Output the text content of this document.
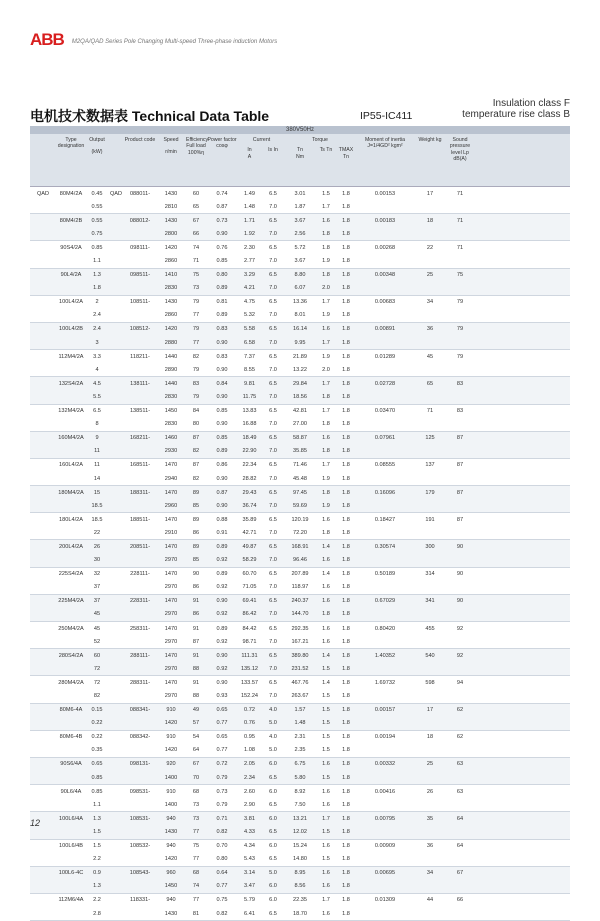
ABB M2QA/QAD Series Pole Changing Multi-speed Three-phase induction Motors
Insulation class F
temperature rise class B
电机技术数据表 Technical Data Table	IP55-IC411
380V50Hz
Type designation
Output
(kW)
Product code	Speed
r/min
Efficiency Full load 100%η
Power factor cosφ
Current
In
A
Is In
Torque
Tn
Nm
Ts Tn	TMAX Tn
Moment of inertia J=1/4GD² kgm²
Weight kg	Sound pressure level Lp dB(A)
QAD	80M4/2A	0.45	QAD	088011-	1430	60	0.74	1.49	6.5	3.01	1.5	1.8	0.00153	17	71
0.55	2810	65	0.87	1.48	7.0	1.87	1.7	1.8
80M4/2B	0.55	088012-	1430	67	0.73	1.71	6.5	3.67	1.6	1.8	0.00183	18	71
0.75	2800	66	0.90	1.92	7.0	2.56	1.8	1.8
90S4/2A	0.85	098111-	1420	74	0.76	2.30	6.5	5.72	1.8	1.8	0.00268	22	71
1.1	2860	71	0.85	2.77	7.0	3.67	1.9	1.8
90L4/2A	1.3	098511-	1410	75	0.80	3.29	6.5	8.80	1.8	1.8	0.00348	25	75
1.8	2830	73	0.89	4.21	7.0	6.07	2.0	1.8
100L4/2A	2	108511-	1430	79	0.81	4.75	6.5	13.36	1.7	1.8	0.00683	34	79
2.4	2860	77	0.89	5.32	7.0	8.01	1.9	1.8
100L4/2B	2.4	108512-	1420	79	0.83	5.58	6.5	16.14	1.6	1.8	0.00891	36	79
3	2880	77	0.90	6.58	7.0	9.95	1.7	1.8
112M4/2A	3.3	118211-	1440	82	0.83	7.37	6.5	21.89	1.9	1.8	0.01289	45	79
4	2890	79	0.90	8.55	7.0	13.22	2.0	1.8
132S4/2A	4.5	138111-	1440	83	0.84	9.81	6.5	29.84	1.7	1.8	0.02728	65	83
5.5	2830	79	0.90	11.75	7.0	18.56	1.8	1.8
132M4/2A	6.5	138511-	1450	84	0.85	13.83	6.5	42.81	1.7	1.8	0.03470	71	83
8	2830	80	0.90	16.88	7.0	27.00	1.8	1.8
160M4/2A	9	168211-	1460	87	0.85	18.49	6.5	58.87	1.6	1.8	0.07961	125	87
11	2930	82	0.89	22.90	7.0	35.85	1.8	1.8
160L4/2A	11	168511-	1470	87	0.86	22.34	6.5	71.46	1.7	1.8	0.08555	137	87
14	2940	82	0.90	28.82	7.0	45.48	1.9	1.8
180M4/2A	15	188311-	1470	89	0.87	29.43	6.5	97.45	1.8	1.8	0.16096	179	87
18.5	2960	85	0.90	36.74	7.0	59.69	1.9	1.8
180L4/2A	18.5	188511-	1470	89	0.88	35.89	6.5	120.19	1.6	1.8	0.18427	191	87
22	2910	86	0.91	42.71	7.0	72.20	1.8	1.8
200L4/2A	26	208511-	1470	89	0.89	49.87	6.5	168.91	1.4	1.8	0.30574	300	90
30	2970	85	0.92	58.29	7.0	96.46	1.6	1.8
225S4/2A	32	228111-	1470	90	0.89	60.70	6.5	207.89	1.4	1.8	0.50189	314	90
37	2970	86	0.92	71.05	7.0	118.97	1.6	1.8
225M4/2A	37	228311-	1470	91	0.90	69.41	6.5	240.37	1.6	1.8	0.67029	341	90
45	2970	86	0.92	86.42	7.0	144.70	1.8	1.8
250M4/2A	45	258311-	1470	91	0.89	84.42	6.5	292.35	1.6	1.8	0.80420	455	92
52	2970	87	0.92	98.71	7.0	167.21	1.6	1.8
280S4/2A	60	288111-	1470	91	0.90	111.31	6.5	389.80	1.4	1.8	1.40352	540	92
72	2970	88	0.92	135.12	7.0	231.52	1.5	1.8
280M4/2A	72	288311-	1470	91	0.90	133.57	6.5	467.76	1.4	1.8	1.69732	598	94
82	2970	88	0.93	152.24	7.0	263.67	1.5	1.8
80M6-4A	0.15	088341-	910	49	0.65	0.72	4.0	1.57	1.5	1.8	0.00157	17	62
0.22	1420	57	0.77	0.76	5.0	1.48	1.5	1.8
80M6-4B	0.22	088342-	910	54	0.65	0.95	4.0	2.31	1.5	1.8	0.00194	18	62
0.35	1420	64	0.77	1.08	5.0	2.35	1.5	1.8
90S6/4A	0.65	098131-	920	67	0.72	2.05	6.0	6.75	1.6	1.8	0.00332	25	63
0.85	1400	70	0.79	2.34	6.5	5.80	1.5	1.8
90L6/4A	0.85	098531-	910	68	0.73	2.60	6.0	8.92	1.6	1.8	0.00416	26	63
1.1	1400	73	0.79	2.90	6.5	7.50	1.6	1.8
100L6/4A	1.3	108531-	940	73	0.71	3.81	6.0	13.21	1.7	1.8	0.00795	35	64
1.5	1430	77	0.82	4.33	6.5	12.02	1.5	1.8
100L6/4B	1.5	108532-	940	75	0.70	4.34	6.0	15.24	1.6	1.8	0.00909	36	64
2.2	1420	77	0.80	5.43	6.5	14.80	1.5	1.8
100L6-4C	0.9	108543-	960	68	0.64	3.14	5.0	8.95	1.6	1.8	0.00695	34	67
1.3	1450	74	0.77	3.47	6.0	8.56	1.6	1.8
112M6/4A	2.2	118331-	940	77	0.75	5.79	6.0	22.35	1.7	1.8	0.01309	44	66
2.8	1430	81	0.82	6.41	6.5	18.70	1.6	1.8
12
